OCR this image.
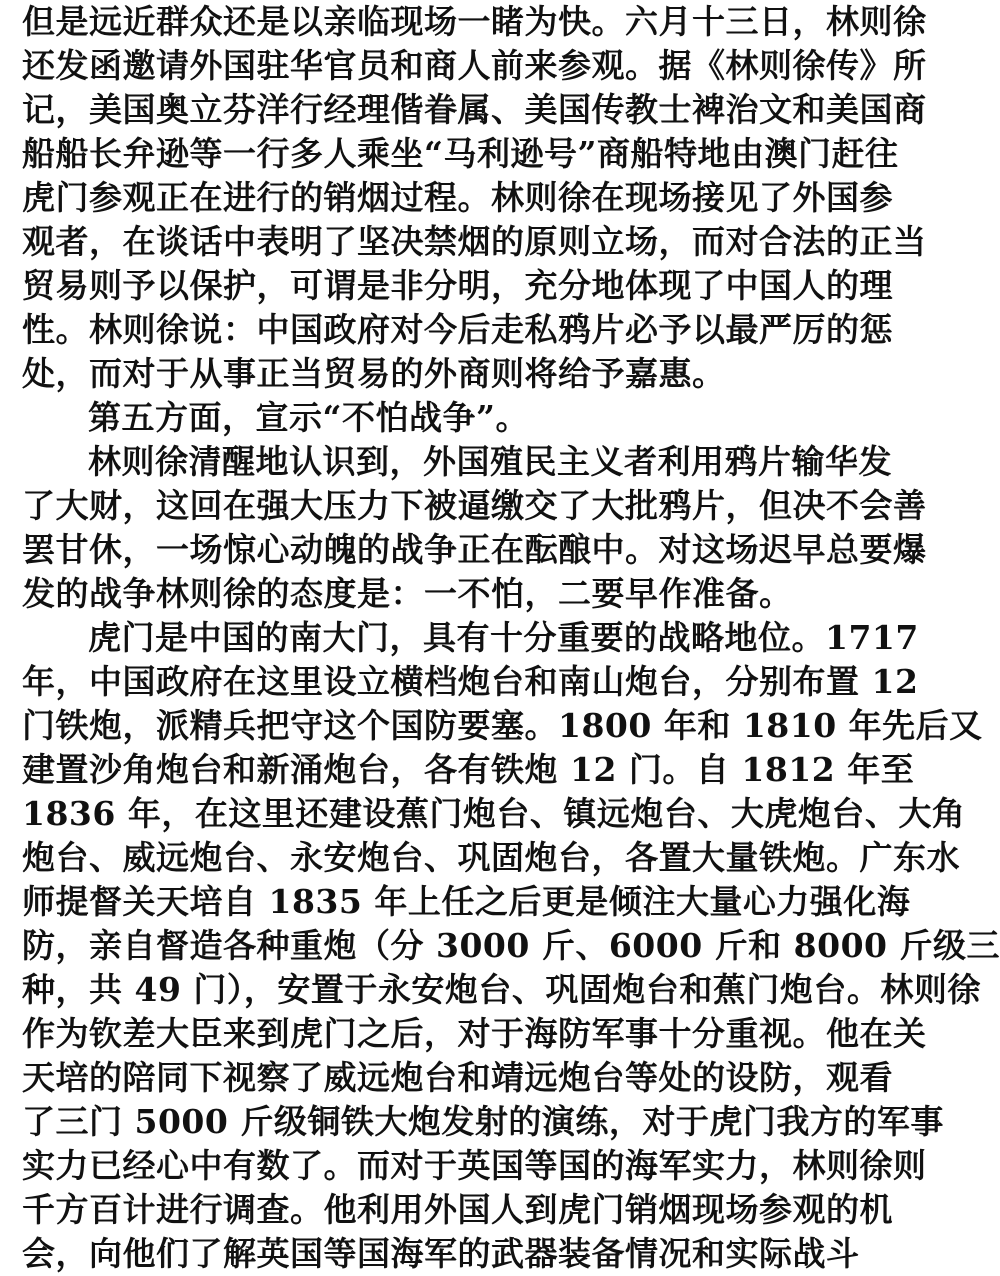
但是远近群众还是以亲临现场一睹为快。六月十三日，林则徐
还发函邀请外国驻华官员和商人前来参观。据《林则徐传》所
记，美国奥立芬洋行经理偕眷属、美国传教士裨治文和美国商
船船长弁逊等一行多人乘坐“马利逊号”商船特地由澳门赶往
虎门参观正在进行的销烟过程。林则徐在现场接见了外国参
观者，在谈话中表明了坚决禁烟的原则立场，而对合法的正当
贸易则予以保护，可谓是非分明，充分地体现了中国人的理
性。林则徐说：中国政府对今后走私鸦片必予以最严厉的惩
处，而对于从事正当贸易的外商则将给予嘉惠。
第五方面，宣示“不怕战争”。
林则徐清醒地认识到，外国殖民主义者利用鸦片输华发
了大财，这回在强大压力下被逼缴交了大批鸦片，但决不会善
罢甘休，一场惊心动魄的战争正在酝酿中。对这场迟早总要爆
发的战争林则徐的态度是：一不怕，二要早作准备。
虎门是中国的南大门，具有十分重要的战略地位。1717
年，中国政府在这里设立横档炮台和南山炮台，分别布置 12
门铁炮，派精兵把守这个国防要塞。1800 年和 1810 年先后又
建置沙角炮台和新涌炮台，各有铁炮 12 门。自 1812 年至
1836 年，在这里还建设蕉门炮台、镇远炮台、大虎炮台、大角
炮台、威远炮台、永安炮台、巩固炮台，各置大量铁炮。广东水
师提督关天培自 1835 年上任之后更是倾注大量心力强化海
防，亲自督造各种重炮（分 3000 斤、6000 斤和 8000 斤级三
种，共 49 门），安置于永安炮台、巩固炮台和蕉门炮台。林则徐
作为钦差大臣来到虎门之后，对于海防军事十分重视。他在关
天培的陪同下视察了威远炮台和靖远炮台等处的设防，观看
了三门 5000 斤级铜铁大炮发射的演练，对于虎门我方的军事
实力已经心中有数了。而对于英国等国的海军实力，林则徐则
千方百计进行调查。他利用外国人到虎门销烟现场参观的机
会，向他们了解英国等国海军的武器装备情况和实际战斗
